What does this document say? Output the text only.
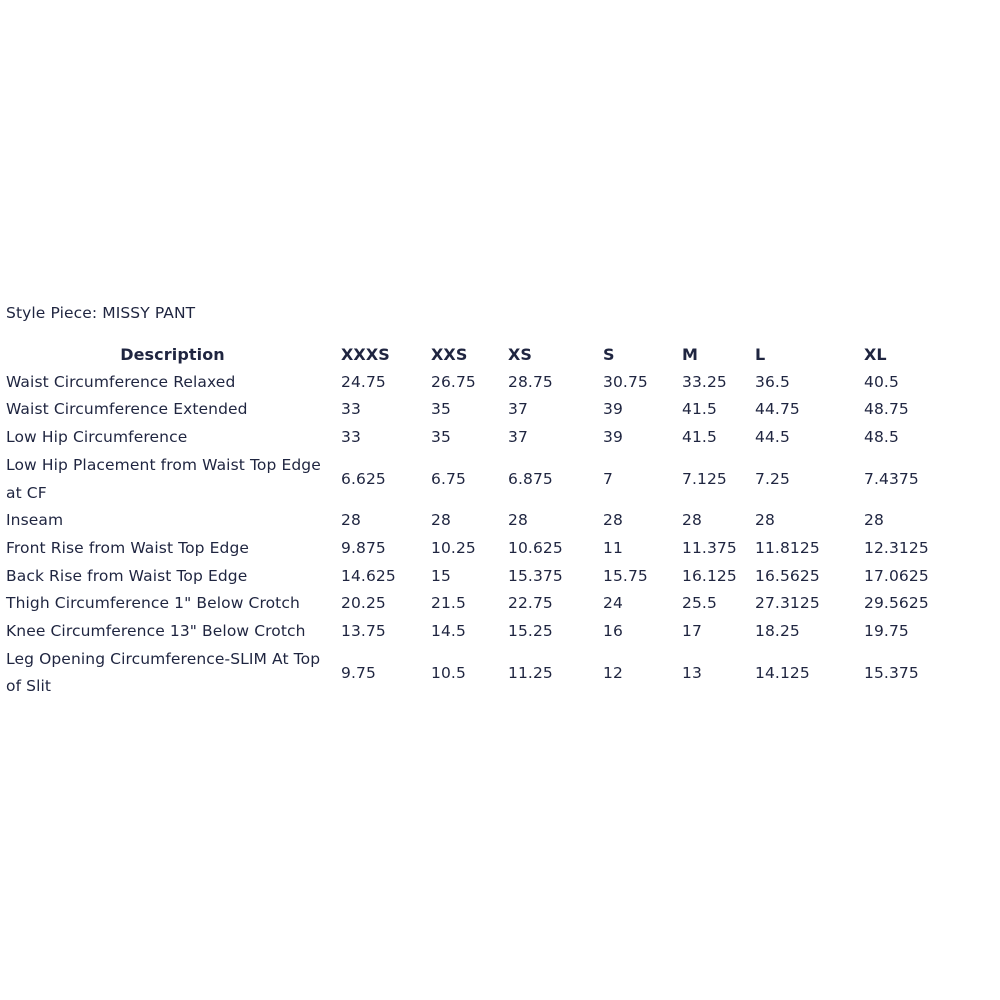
Style Piece: MISSY PANT
Description	XXXS	XXS	XS	S	M	L	XL
Waist Circumference Relaxed	24.75	26.75	28.75	30.75	33.25	36.5	40.5
Waist Circumference Extended	33	35	37	39	41.5	44.75	48.75
Low Hip Circumference	33	35	37	39	41.5	44.5	48.5
Low Hip Placement from Waist Top Edge at CF	6.625	6.75	6.875	7	7.125	7.25	7.4375
Inseam	28	28	28	28	28	28	28
Front Rise from Waist Top Edge	9.875	10.25	10.625	11	11.375	11.8125	12.3125
Back Rise from Waist Top Edge	14.625	15	15.375	15.75	16.125	16.5625	17.0625
Thigh Circumference 1" Below Crotch	20.25	21.5	22.75	24	25.5	27.3125	29.5625
Knee Circumference 13" Below Crotch	13.75	14.5	15.25	16	17	18.25	19.75
Leg Opening Circumference-SLIM At Top of Slit	9.75	10.5	11.25	12	13	14.125	15.375
